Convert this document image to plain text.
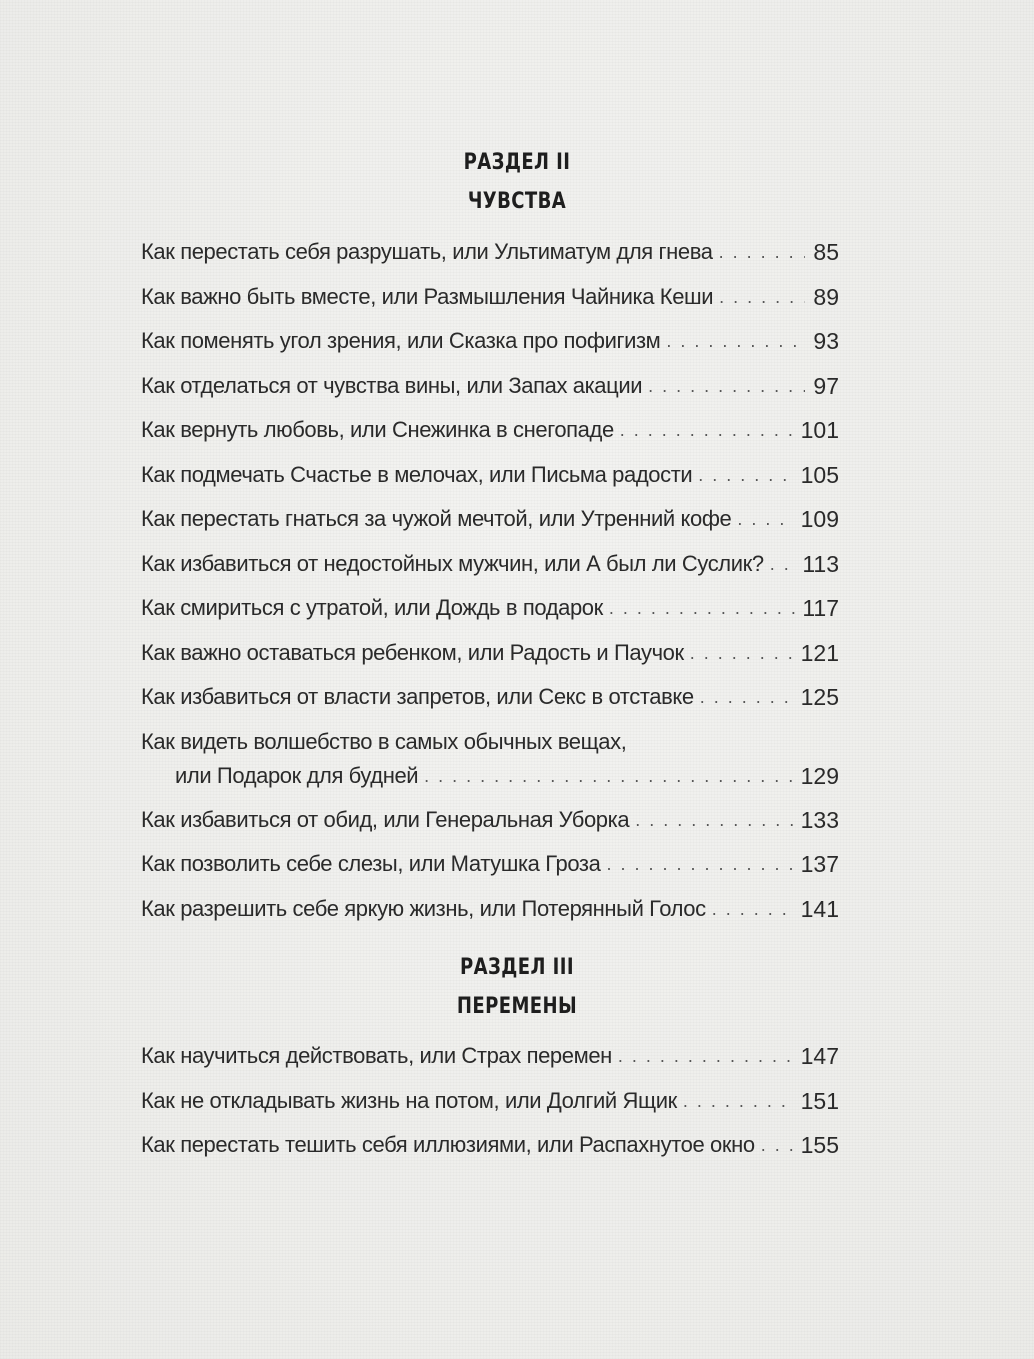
РАЗДЕЛ II
ЧУВСТВА
Как перестать себя разрушать, или Ультиматум для гнева . . .	85
Как важно быть вместе, или Размышления Чайника Кеши . . .	89
Как поменять угол зрения, или Сказка про пофигизм . . .	93
Как отделаться от чувства вины, или Запах акации . . .	97
Как вернуть любовь, или Снежинка в снегопаде . . .	101
Как подмечать Счастье в мелочах, или Письма радости . . .	105
Как перестать гнаться за чужой мечтой, или Утренний кофе . . .	109
Как избавиться от недостойных мужчин, или А был ли Суслик? . . . 113
Как смириться с утратой, или Дождь в подарок . . .	117
Как важно оставаться ребенком, или Радость и Паучок . . .	121
Как избавиться от власти запретов, или Секс в отставке . . .	125
Как видеть волшебство в самых обычных вещах,
или Подарок для будней . . .	129
Как избавиться от обид, или Генеральная Уборка . . .	133
Как позволить себе слезы, или Матушка Гроза . . .	137
Как разрешить себе яркую жизнь, или Потерянный Голос . . .	141
РАЗДЕЛ III
ПЕРЕМЕНЫ
Как научиться действовать, или Страх перемен . . .	147
Как не откладывать жизнь на потом, или Долгий Ящик . . .	151
Как перестать тешить себя иллюзиями, или Распахнутое окно . . . 155
